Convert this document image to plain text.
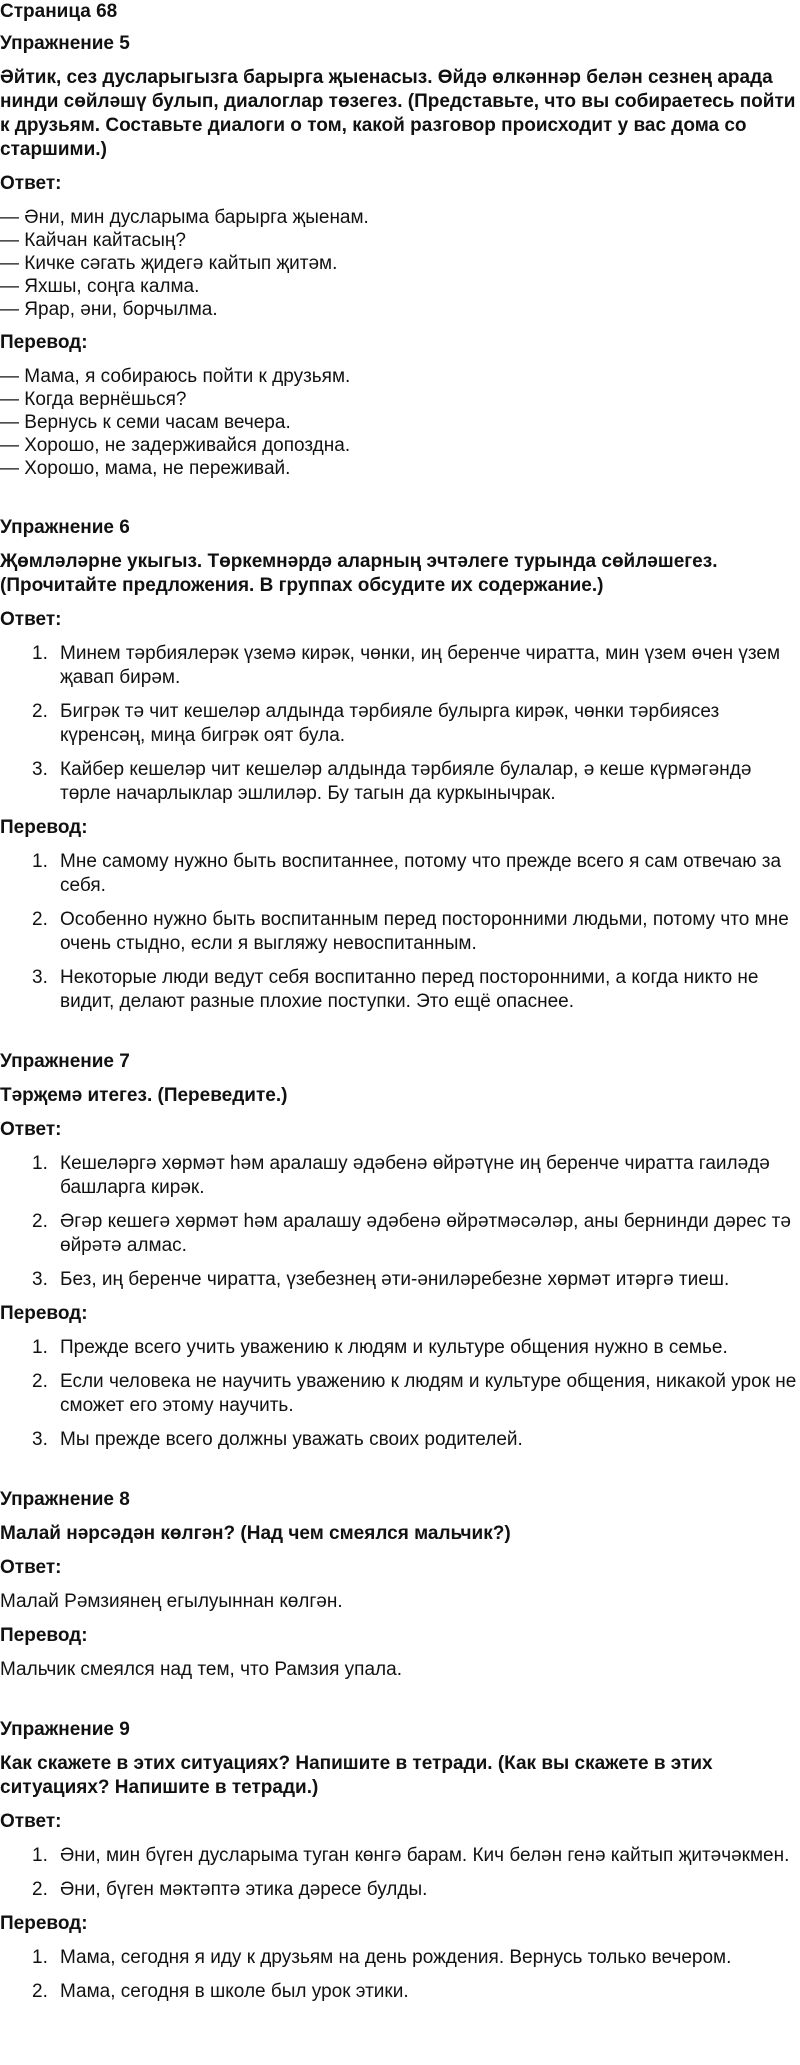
Страница 68
Упражнение 5
Әйтик, сез дусларыгызга барырга җыенасыз. Өйдә өлкәннәр белән сезнең арада нинди сөйләшү булып, диалоглар төзегез. (Представьте, что вы собираетесь пойти к друзьям. Составьте диалоги о том, какой разговор происходит у вас дома со старшими.)
Ответ:
— Әни, мин дусларыма барырга җыенам.
— Кайчан кайтасың?
— Кичке сәгать җидегә кайтып җитәм.
— Яхшы, соңга калма.
— Ярар, әни, борчылма.
Перевод:
— Мама, я собираюсь пойти к друзьям.
— Когда вернёшься?
— Вернусь к семи часам вечера.
— Хорошо, не задерживайся допоздна.
— Хорошо, мама, не переживай.
Упражнение 6
Җөмләләрне укыгыз. Төркемнәрдә аларның эчтәлеге турында сөйләшегез. (Прочитайте предложения. В группах обсудите их содержание.)
Ответ:
1. Минем тәрбиялерәк үземә кирәк, чөнки, иң беренче чиратта, мин үзем өчен үзем җавап бирәм.
2. Бигрәк тә чит кешеләр алдында тәрбияле булырга кирәк, чөнки тәрбиясез күренсәң, миңа бигрәк оят була.
3. Кайбер кешеләр чит кешеләр алдында тәрбияле булалар, ә кеше күрмәгәндә төрле начарлыклар эшлиләр. Бу тагын да куркынычрак.
Перевод:
1. Мне самому нужно быть воспитаннее, потому что прежде всего я сам отвечаю за себя.
2. Особенно нужно быть воспитанным перед посторонними людьми, потому что мне очень стыдно, если я выгляжу невоспитанным.
3. Некоторые люди ведут себя воспитанно перед посторонними, а когда никто не видит, делают разные плохие поступки. Это ещё опаснее.
Упражнение 7
Тәрҗемә итегез. (Переведите.)
Ответ:
1. Кешеләргә хөрмәт һәм аралашу әдәбенә өйрәтүне иң беренче чиратта гаиләдә башларга кирәк.
2. Әгәр кешегә хөрмәт һәм аралашу әдәбенә өйрәтмәсәләр, аны бернинди дәрес тә өйрәтә алмас.
3. Без, иң беренче чиратта, үзебезнең әти-әниләребезне хөрмәт итәргә тиеш.
Перевод:
1. Прежде всего учить уважению к людям и культуре общения нужно в семье.
2. Если человека не научить уважению к людям и культуре общения, никакой урок не сможет его этому научить.
3. Мы прежде всего должны уважать своих родителей.
Упражнение 8
Малай нәрсәдән көлгән? (Над чем смеялся мальчик?)
Ответ:
Малай Рәмзиянең егылуыннан көлгән.
Перевод:
Мальчик смеялся над тем, что Рамзия упала.
Упражнение 9
Как скажете в этих ситуациях? Напишите в тетради. (Как вы скажете в этих ситуациях? Напишите в тетради.)
Ответ:
1. Әни, мин бүген дусларыма туган көнгә барам. Кич белән генә кайтып җитәчәкмен.
2. Әни, бүген мәктәптә этика дәресе булды.
Перевод:
1. Мама, сегодня я иду к друзьям на день рождения. Вернусь только вечером.
2. Мама, сегодня в школе был урок этики.
